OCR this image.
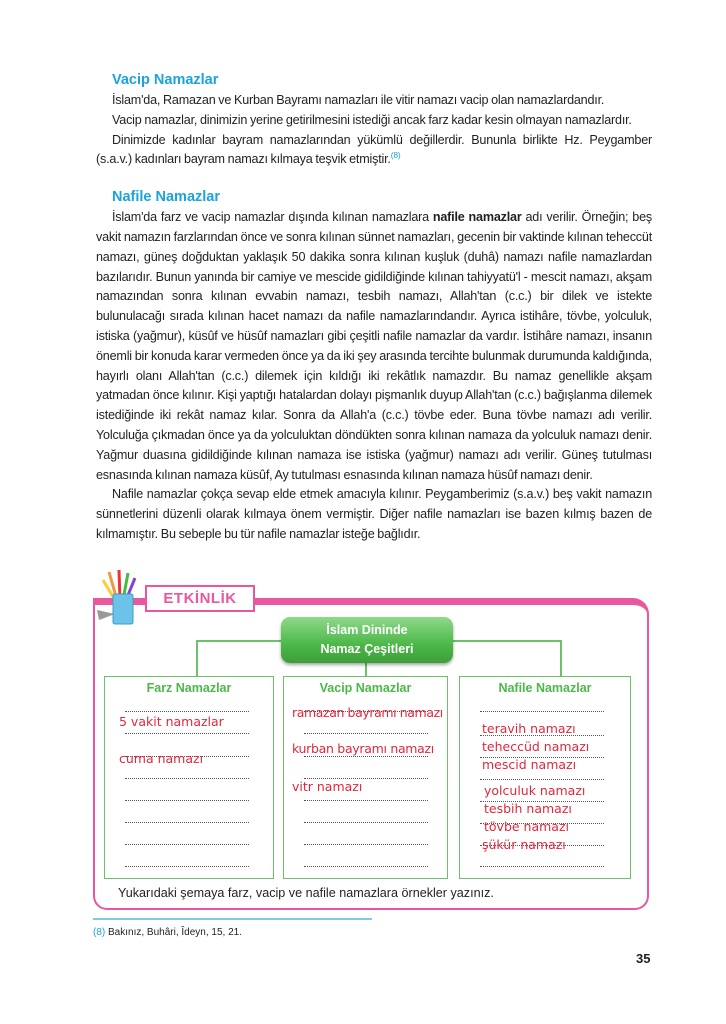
Vacip Namazlar

İslam'da, Ramazan ve Kurban Bayramı namazları ile vitir namazı vacip olan namazlardandır.

Vacip namazlar, dinimizin yerine getirilmesini istediği ancak farz kadar kesin olmayan namazlardır.

Dinimizde kadınlar bayram namazlarından yükümlü değillerdir. Bununla birlikte Hz. Peygamber (s.a.v.) kadınları bayram namazı kılmaya teşvik etmiştir.$^{(8)}$

Nafile Namazlar

İslam'da farz ve vacip namazlar dışında kılınan namazlara nafile namazlar adı verilir. Örneğin; beş vakit namazın farzlarından önce ve sonra kılınan sünnet namazları, gecenin bir vaktinde kılınan teheccüt namazı, güneş doğduktan yaklaşık 50 dakika sonra kılınan kuşluk (duhâ) namazı nafile namazlardan bazılarıdır. Bunun yanında bir camiye ve mescide gidildiğinde kılınan tahiyyatü'l - mescit namazı, akşam namazından sonra kılınan evvabin namazı, tesbih namazı, Allah'tan (c.c.) bir dilek ve istekte bulunulacağı sırada kılınan hacet namazı da nafile namazlarındandır. Ayrıca istihâre, tövbe, yolculuk, istiska (yağmur), küsûf ve hüsûf namazları gibi çeşitli nafile namazlar da vardır. İstihâre namazı, insanın önemli bir konuda karar vermeden önce ya da iki şey arasında tercihte bulunmak durumunda kaldığında, hayırlı olanı Allah'tan (c.c.) dilemek için kıldığı iki rekâtlık namazdır. Bu namaz genellikle akşam yatmadan önce kılınır. Kişi yaptığı hatalardan dolayı pişmanlık duyup Allah'tan (c.c.) bağışlanma dilemek istediğinde iki rekât namaz kılar. Sonra da Allah'a (c.c.) tövbe eder. Buna tövbe namazı adı verilir. Yolculuğa çıkmadan önce ya da yolculuktan döndükten sonra kılınan namaza da yolculuk namazı denir. Yağmur duasına gidildiğinde kılınan namaza ise istiska (yağmur) namazı adı verilir. Güneş tutulması esnasında kılınan namaza küsûf, Ay tutulması esnasında kılınan namaza hüsûf namazı denir.

Nafile namazlar çokça sevap elde etmek amacıyla kılınır. Peygamberimiz (s.a.v.) beş vakit namazın sünnetlerini düzenli olarak kılmaya önem vermiştir. Diğer nafile namazları ise bazen kılmış bazen de kılmamıştır. Bu sebeple bu tür nafile namazlar isteğe bağlıdır.

ETKİNLİK
İslam Dininde
Namaz Çeşitleri
Farz Namazlar
5 vakit namazlar
cuma namazı
Vacip Namazlar
ramazan bayramı namazı
kurban bayramı namazı
vitr namazı
Nafile Namazlar
teravih namazı
teheccüd namazı
mescid namazı
yolculuk namazı
tesbih namazı
tövbe namazı
şükür namazı
Yukarıdaki şemaya farz, vacip ve nafile namazlara örnekler yazınız.
(8) Bakınız, Buhâri, Îdeyn, 15, 21.
35
